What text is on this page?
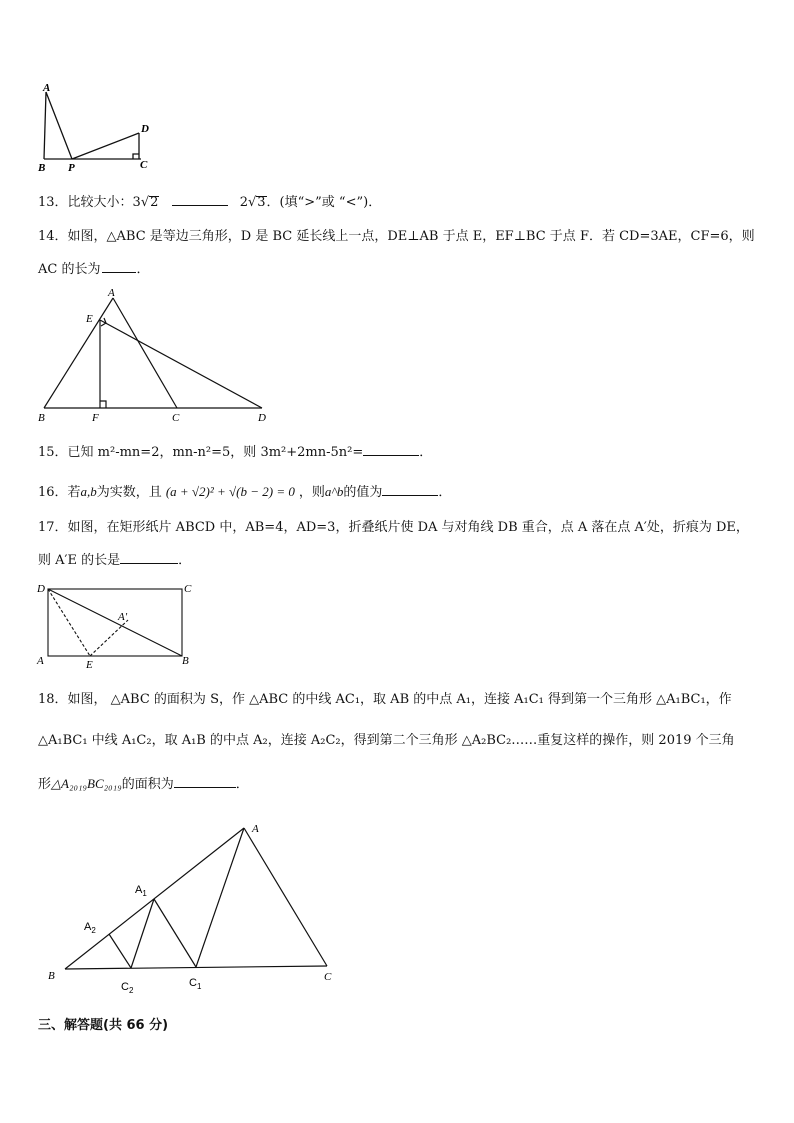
A
B P
D
C
13．比较大小：3√2	2√3．(填“>”或 “<”)．
14．如图，△ABC 是等边三角形，D 是 BC 延长线上一点，DE⊥AB 于点 E，EF⊥BC 于点 F．若 CD=3AE，CF=6，则
AC 的长为	．
A
E
B	F	C	D
15．已知 m²-mn=2，mn-n²=5，则 3m²+2mn-5n²=	．
16．若a,b为实数，且 (a + √2)² + √(b − 2) = 0 ，则a^b的值为	．
17．如图，在矩形纸片 ABCD 中，AB=4，AD=3，折叠纸片使 DA 与对角线 DB 重合，点 A 落在点 A′处，折痕为 DE，
则 A′E 的长是	．
D	C
A′
A	E	B
18．如图， △ABC 的面积为 S，作 △ABC 的中线 AC₁，取 AB 的中点 A₁，连接 A₁C₁ 得到第一个三角形 △A₁BC₁，作
△A₁BC₁ 中线 A₁C₂，取 A₁B 的中点 A₂，连接 A₂C₂，得到第二个三角形 △A₂BC₂……重复这样的操作，则 2019 个三角
形△A₂₀₁₉BC₂₀₁₉的面积为	．
A
$A_1$
$A_2$
B
$C_2$
$C_1$
C
三、解答题(共 66 分)
